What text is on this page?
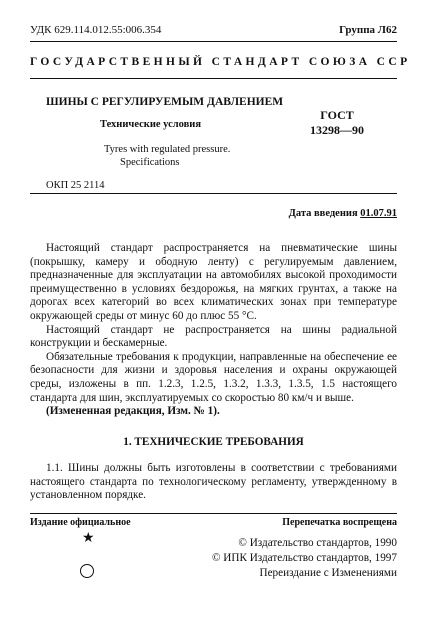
УДК 629.114.012.55:006.354	Группа Л62
ГОСУДАРСТВЕННЫЙ СТАНДАРТ СОЮЗА ССР
ШИНЫ С РЕГУЛИРУЕМЫМ ДАВЛЕНИЕМ
Технические условия
ГОСТ
13298—90
Tyres with regulated pressure.
Specifications
ОКП 25 2114
Дата введения 01.07.91

Настоящий стандарт распространяется на пневматические шины (покрышку, камеру и ободную ленту) с регулируемым давлением, предназначенные для эксплуатации на автомобилях высокой проходимости преимущественно в условиях бездорожья, на мягких грунтах, а также на дорогах всех категорий во всех климатических зонах при температуре окружающей среды от минус 60 до плюс 55 °С.

Настоящий стандарт не распространяется на шины радиальной конструкции и бескамерные.

Обязательные требования к продукции, направленные на обеспечение ее безопасности для жизни и здоровья населения и охраны окружающей среды, изложены в пп. 1.2.3, 1.2.5, 1.3.2, 1.3.3, 1.3.5, 1.5 настоящего стандарта для шин, эксплуатируемых со скоростью 80 км/ч и выше.

(Измененная редакция, Изм. № 1).

1. ТЕХНИЧЕСКИЕ ТРЕБОВАНИЯ

1.1. Шины должны быть изготовлены в соответствии с требованиями настоящего стандарта по технологическому регламенту, утвержденному в установленном порядке.

Издание официальное	Перепечатка воспрещена
★	© Издательство стандартов, 1990
© ИПК Издательство стандартов, 1997
Переиздание с Изменениями
